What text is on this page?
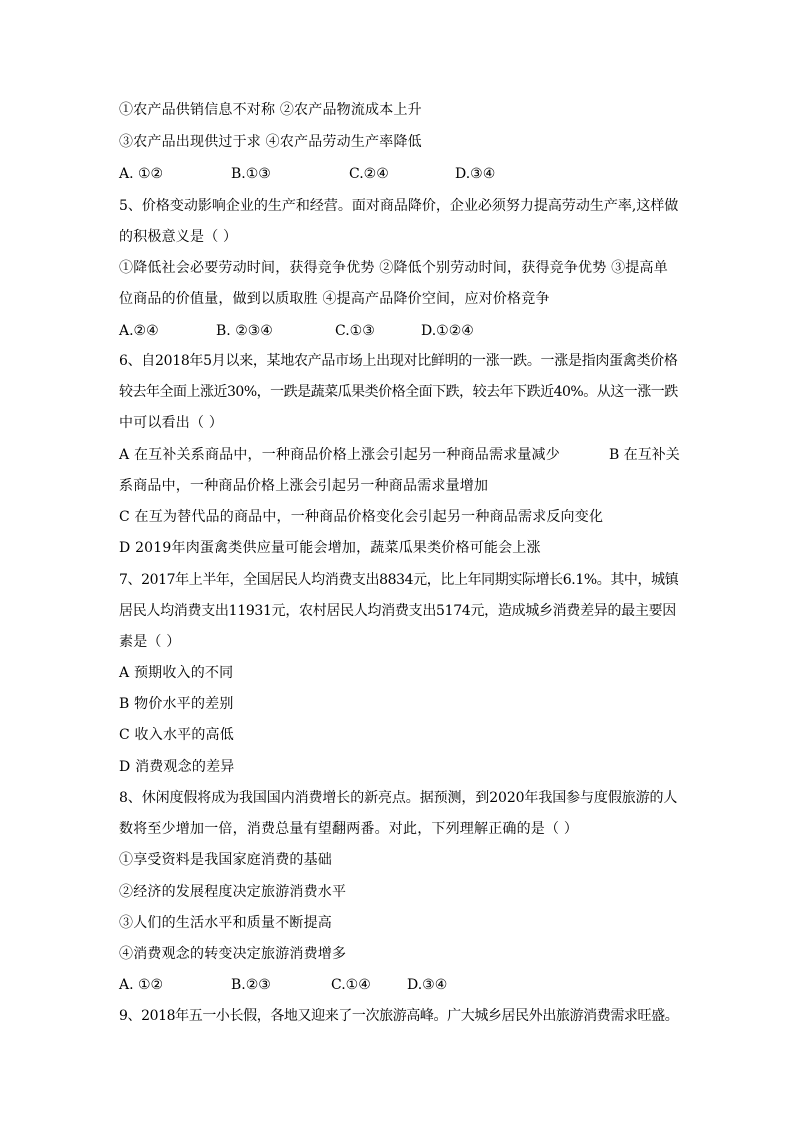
①农产品供销信息不对称 ②农产品物流成本上升
③农产品出现供过于求 ④农产品劳动生产率降低
A. ①②	B.①③	C.②④	D.③④
5、价格变动影响企业的生产和经营。面对商品降价，企业必须努力提高劳动生产率,这样做
的积极意义是（ ）
①降低社会必要劳动时间，获得竞争优势 ②降低个别劳动时间，获得竞争优势 ③提高单
位商品的价值量，做到以质取胜 ④提高产品降价空间，应对价格竞争
A.②④	B. ②③④	C.①③	D.①②④
6、自2018年5月以来，某地农产品市场上出现对比鲜明的一涨一跌。一涨是指肉蛋禽类价格
较去年全面上涨近30%，一跌是蔬菜瓜果类价格全面下跌，较去年下跌近40%。从这一涨一跌
中可以看出（ ）
A 在互补关系商品中，一种商品价格上涨会引起另一种商品需求量减少	B 在互补关
系商品中，一种商品价格上涨会引起另一种商品需求量增加
C 在互为替代品的商品中，一种商品价格变化会引起另一种商品需求反向变化
D 2019年肉蛋禽类供应量可能会增加，蔬菜瓜果类价格可能会上涨
7、2017年上半年，全国居民人均消费支出8834元，比上年同期实际增长6.1%。其中，城镇
居民人均消费支出11931元，农村居民人均消费支出5174元，造成城乡消费差异的最主要因
素是（ ）
A 预期收入的不同
B 物价水平的差别
C 收入水平的高低
D 消费观念的差异
8、休闲度假将成为我国国内消费增长的新亮点。据预测，到2020年我国参与度假旅游的人
数将至少增加一倍，消费总量有望翻两番。对此，下列理解正确的是（ ）
①享受资料是我国家庭消费的基础
②经济的发展程度决定旅游消费水平
③人们的生活水平和质量不断提高
④消费观念的转变决定旅游消费增多
A. ①②	B.②③	C.①④	D.③④
9、2018年五一小长假，各地又迎来了一次旅游高峰。广大城乡居民外出旅游消费需求旺盛。
